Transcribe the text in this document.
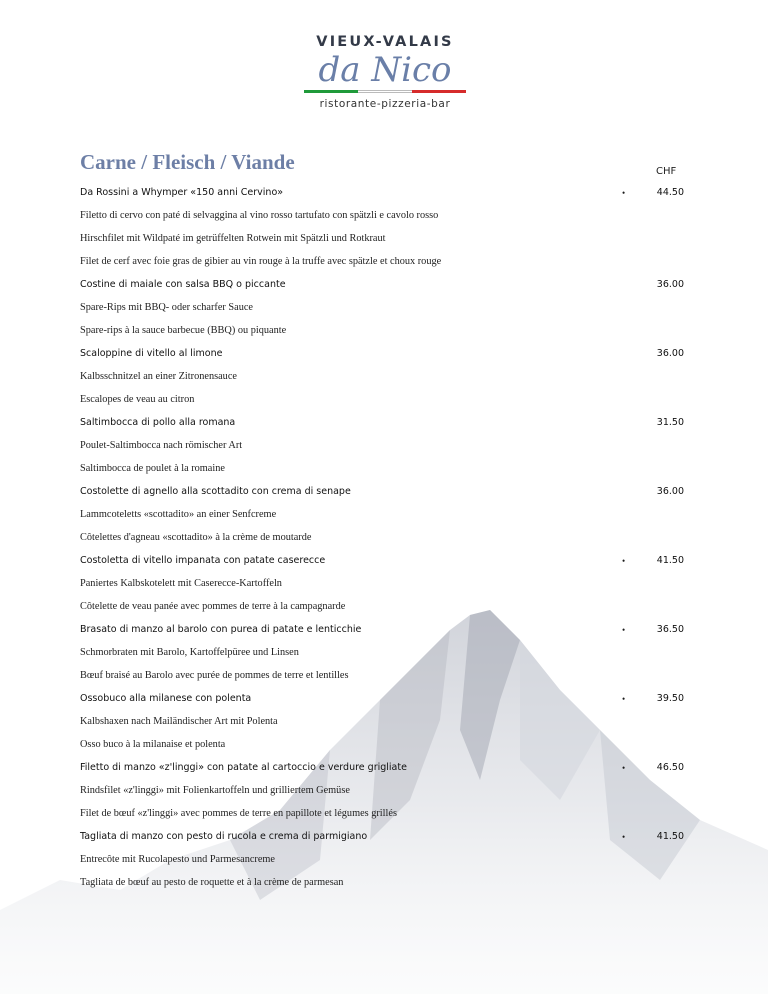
VIEUX-VALAIS
da Nico
ristorante-pizzeria-bar
Carne / Fleisch / Viande	CHF
Da Rossini a Whymper «150 anni Cervino»	•	44.50
Filetto di cervo con paté di selvaggina al vino rosso tartufato con spätzli e cavolo rosso
Hirschfilet mit Wildpaté im getrüffelten Rotwein mit Spätzli und Rotkraut
Filet de cerf avec foie gras de gibier au vin rouge à la truffe avec spätzle et choux rouge
Costine di maiale con salsa BBQ o piccante	36.00
Spare-Rips mit BBQ- oder scharfer Sauce
Spare-rips à la sauce barbecue (BBQ) ou piquante
Scaloppine di vitello al limone	36.00
Kalbsschnitzel an einer Zitronensauce
Escalopes de veau au citron
Saltimbocca di pollo alla romana	31.50
Poulet-Saltimbocca nach römischer Art
Saltimbocca de poulet à la romaine
Costolette di agnello alla scottadito con crema di senape	36.00
Lammcoteletts «scottadito» an einer Senfcreme
Côtelettes d'agneau «scottadito» à la crème de moutarde
Costoletta di vitello impanata con patate caserecce	•	41.50
Paniertes Kalbskotelett mit Caserecce-Kartoffeln
Côtelette de veau panée avec pommes de terre à la campagnarde
Brasato di manzo al barolo con purea di patate e lenticchie	•	36.50
Schmorbraten mit Barolo, Kartoffelpüree und Linsen
Bœuf braisé au Barolo avec purée de pommes de terre et lentilles
Ossobuco alla milanese con polenta	•	39.50
Kalbshaxen nach Mailändischer Art mit Polenta
Osso buco à la milanaise et polenta
Filetto di manzo «z'linggi» con patate al cartoccio e verdure grigliate	•	46.50
Rindsfilet «z'linggi» mit Folienkartoffeln und grilliertem Gemüse
Filet de bœuf «z'linggi» avec pommes de terre en papillote et légumes grillés
Tagliata di manzo con pesto di rucola e crema di parmigiano	•	41.50
Entrecôte mit Rucolapesto und Parmesancreme
Tagliata de bœuf au pesto de roquette et à la crème de parmesan
